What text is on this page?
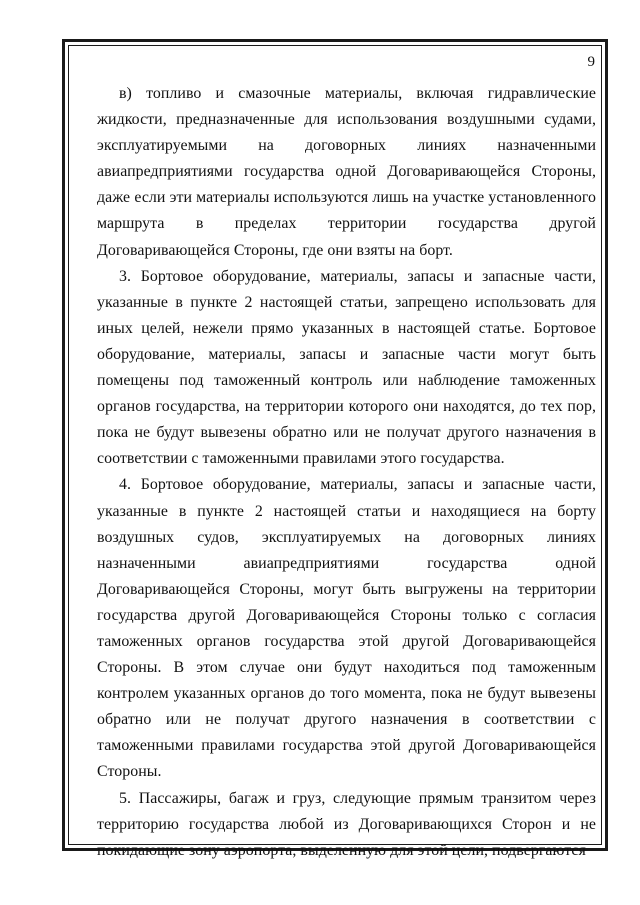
9

в) топливо и смазочные материалы, включая гидравлические жидкости, предназначенные для использования воздушными судами, эксплуатируемыми на договорных линиях назначенными авиапредприятиями государства одной Договаривающейся Стороны, даже если эти материалы используются лишь на участке установленного маршрута в пределах территории государства другой Договаривающейся Стороны, где они взяты на борт.

3. Бортовое оборудование, материалы, запасы и запасные части, указанные в пункте 2 настоящей статьи, запрещено использовать для иных целей, нежели прямо указанных в настоящей статье. Бортовое оборудование, материалы, запасы и запасные части могут быть помещены под таможенный контроль или наблюдение таможенных органов государства, на территории которого они находятся, до тех пор, пока не будут вывезены обратно или не получат другого назначения в соответствии с таможенными правилами этого государства.

4. Бортовое оборудование, материалы, запасы и запасные части, указанные в пункте 2 настоящей статьи и находящиеся на борту воздушных судов, эксплуатируемых на договорных линиях назначенными авиапредприятиями государства одной Договаривающейся Стороны, могут быть выгружены на территории государства другой Договаривающейся Стороны только с согласия таможенных органов государства этой другой Договаривающейся Стороны. В этом случае они будут находиться под таможенным контролем указанных органов до того момента, пока не будут вывезены обратно или не получат другого назначения в соответствии с таможенными правилами государства этой другой Договаривающейся Стороны.

5. Пассажиры, багаж и груз, следующие прямым транзитом через территорию государства любой из Договаривающихся Сторон и не покидающие зону аэропорта, выделенную для этой цели, подвергаются
